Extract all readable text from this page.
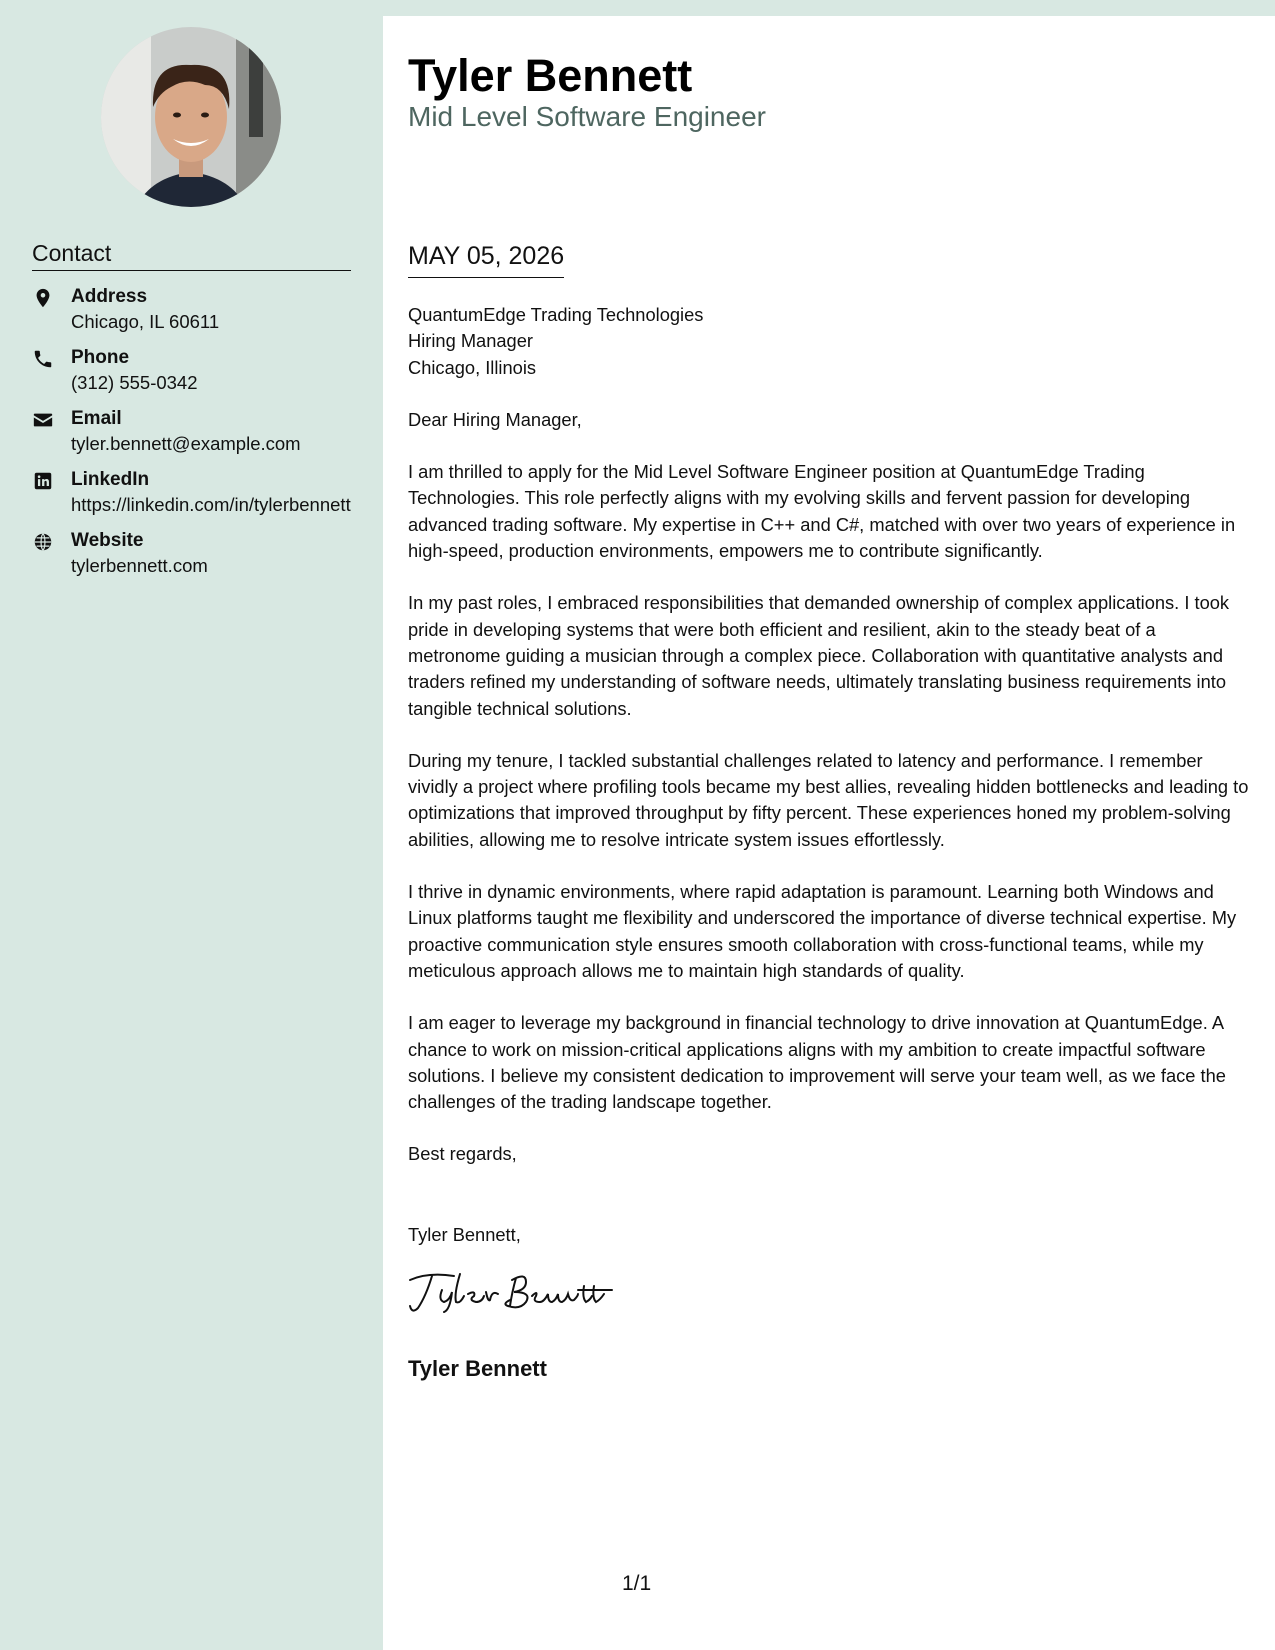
Contact
Address
Chicago, IL 60611
Phone
(312) 555-0342
Email
tyler.bennett@example.com
LinkedIn
https://linkedin.com/in/tylerbennett
Website
tylerbennett.com
Tyler Bennett
Mid Level Software Engineer
MAY 05, 2026

QuantumEdge Trading Technologies
Hiring Manager
Chicago, Illinois

Dear Hiring Manager,

I am thrilled to apply for the Mid Level Software Engineer position at QuantumEdge Trading Technologies. This role perfectly aligns with my evolving skills and fervent passion for developing advanced trading software. My expertise in C++ and C#, matched with over two years of experience in high-speed, production environments, empowers me to contribute significantly.

In my past roles, I embraced responsibilities that demanded ownership of complex applications. I took pride in developing systems that were both efficient and resilient, akin to the steady beat of a metronome guiding a musician through a complex piece. Collaboration with quantitative analysts and traders refined my understanding of software needs, ultimately translating business requirements into tangible technical solutions.

During my tenure, I tackled substantial challenges related to latency and performance. I remember vividly a project where profiling tools became my best allies, revealing hidden bottlenecks and leading to optimizations that improved throughput by fifty percent. These experiences honed my problem-solving abilities, allowing me to resolve intricate system issues effortlessly.

I thrive in dynamic environments, where rapid adaptation is paramount. Learning both Windows and Linux platforms taught me flexibility and underscored the importance of diverse technical expertise. My proactive communication style ensures smooth collaboration with cross-functional teams, while my meticulous approach allows me to maintain high standards of quality.

I am eager to leverage my background in financial technology to drive innovation at QuantumEdge. A chance to work on mission-critical applications aligns with my ambition to create impactful software solutions. I believe my consistent dedication to improvement will serve your team well, as we face the challenges of the trading landscape together.

Best regards,

Tyler Bennett,
Tyler Bennett
1/1
